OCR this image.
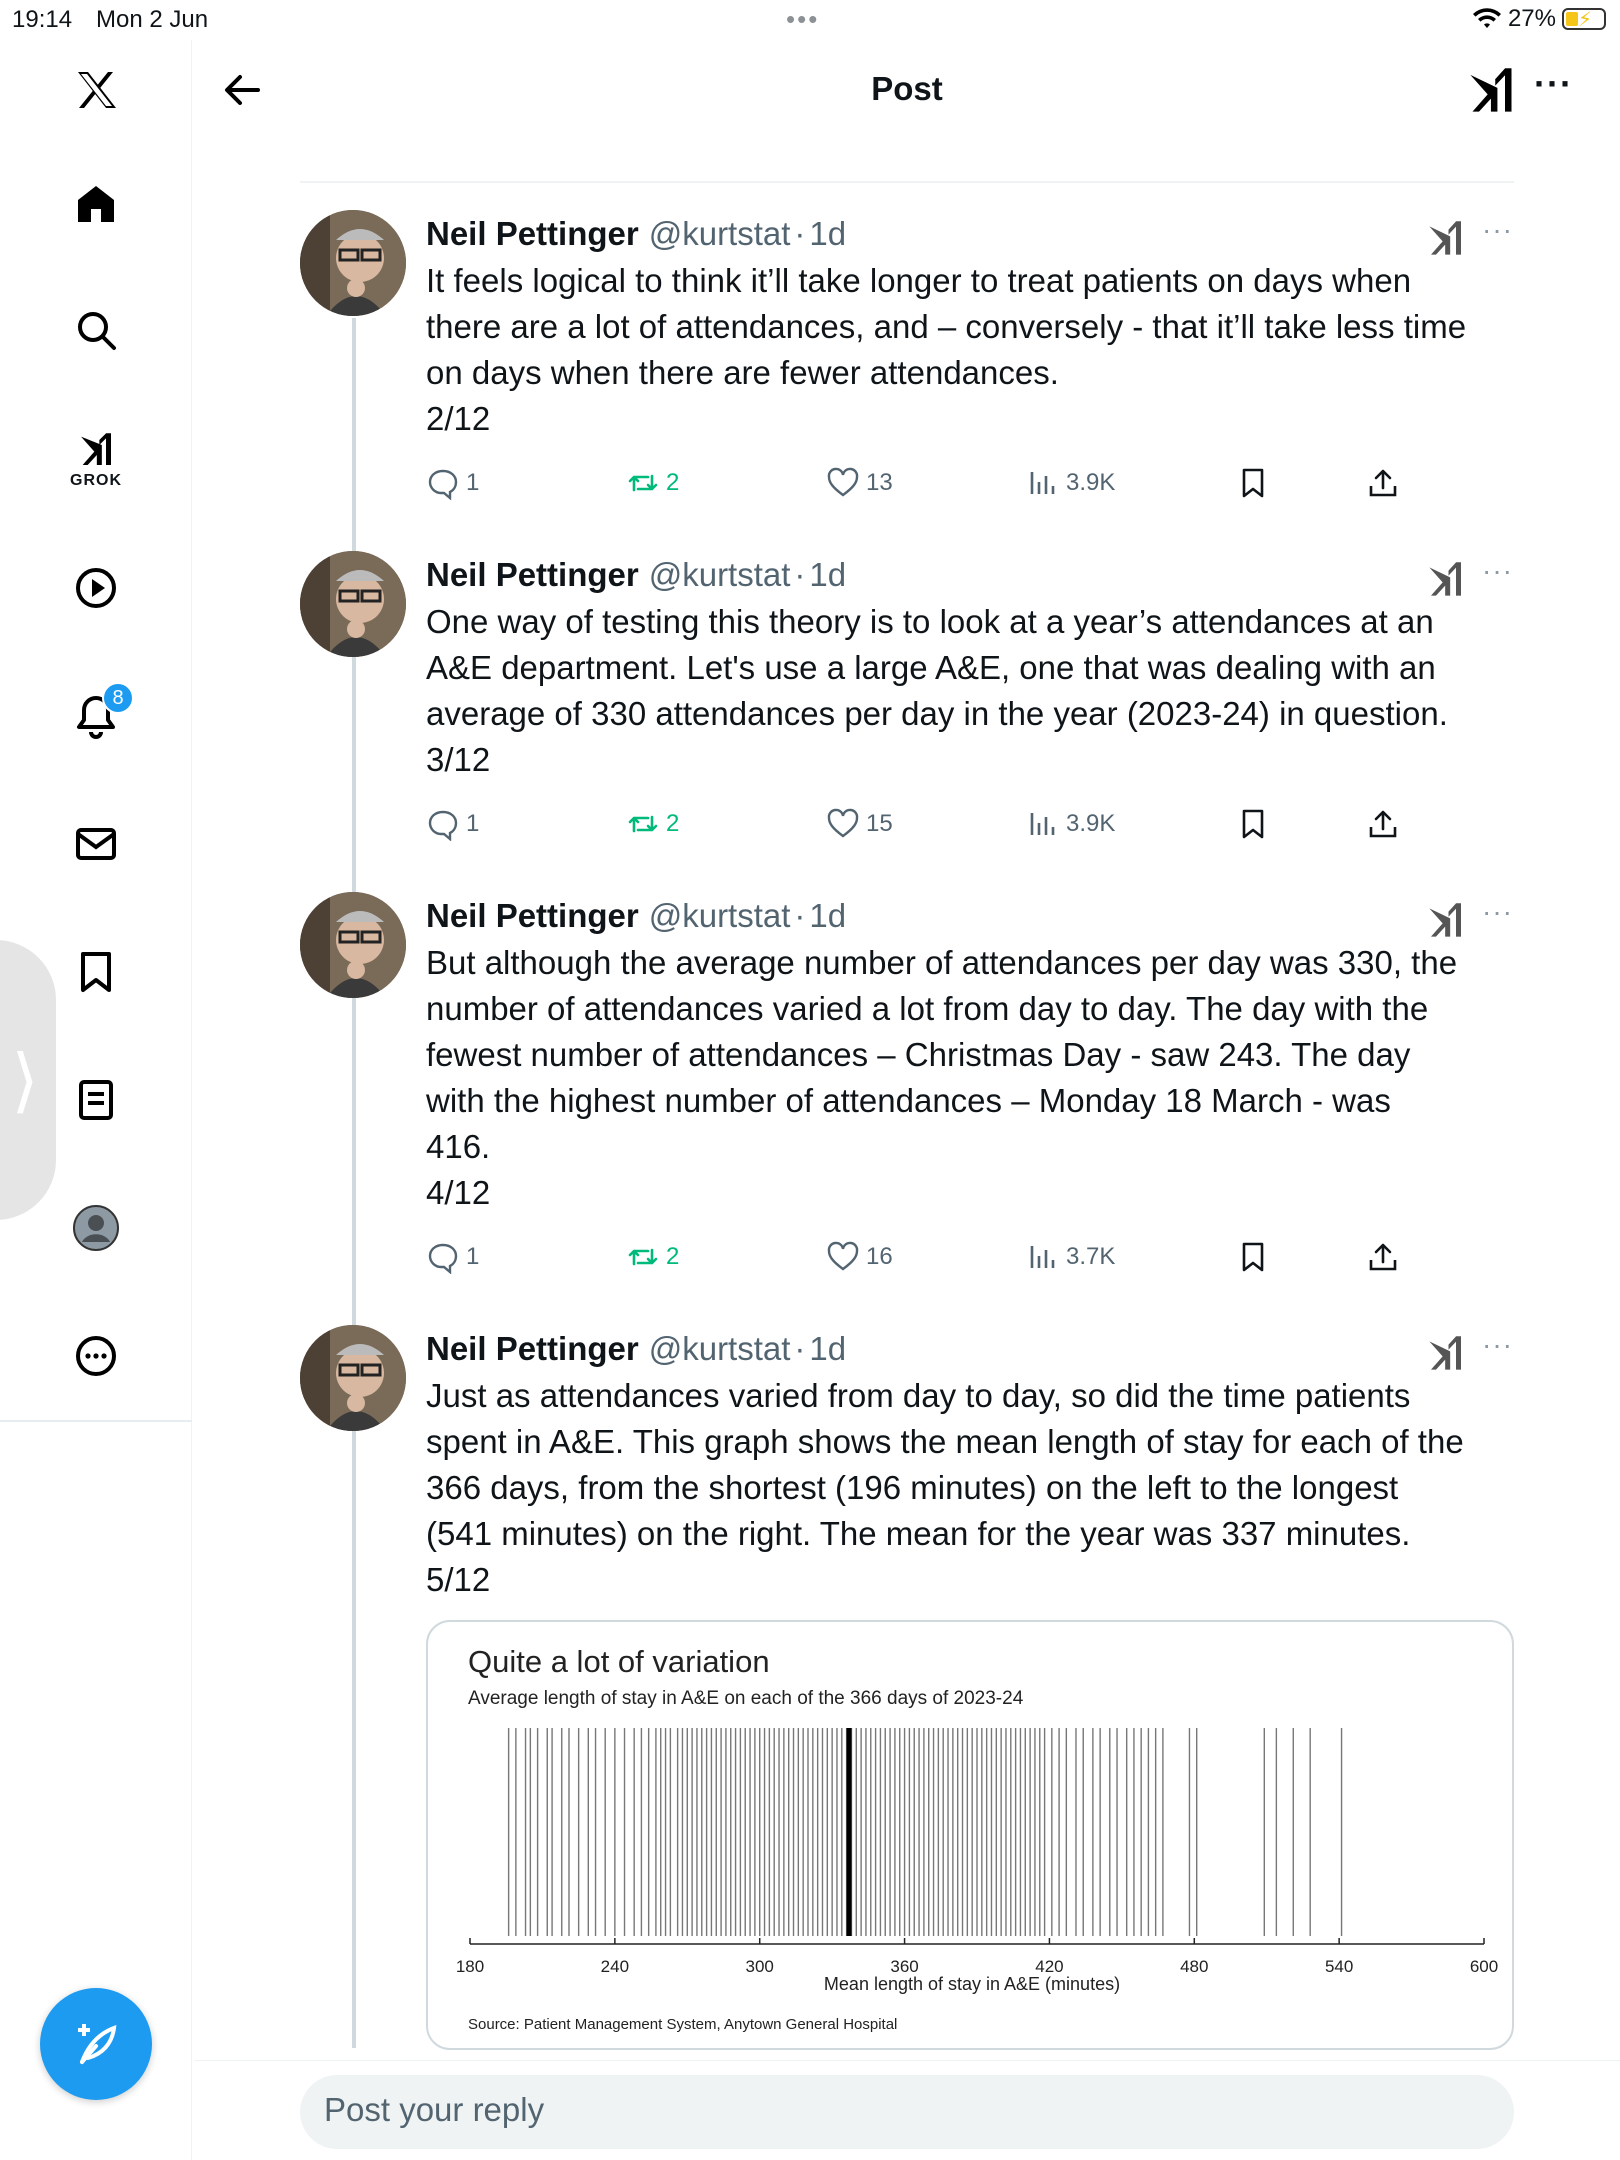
19:14 Mon 2 Jun	•••	27% ⚡
GROK
8
⟩
Post	···
Neil Pettinger @kurtstat · 1d	···
It feels logical to think it’ll take longer to treat patients on days when
there are a lot of attendances, and – conversely - that it’ll take less time
on days when there are fewer attendances.
2/12
1	2	13	3.9K
Neil Pettinger @kurtstat · 1d	···
One way of testing this theory is to look at a year’s attendances at an
A&E department. Let's use a large A&E, one that was dealing with an
average of 330 attendances per day in the year (2023-24) in question.
3/12
1	2	15	3.9K
Neil Pettinger @kurtstat · 1d	···
But although the average number of attendances per day was 330, the
number of attendances varied a lot from day to day. The day with the
fewest number of attendances – Christmas Day - saw 243. The day
with the highest number of attendances – Monday 18 March - was
416.
4/12
1	2	16	3.7K
Neil Pettinger @kurtstat · 1d	···
Just as attendances varied from day to day, so did the time patients
spent in A&E. This graph shows the mean length of stay for each of the
366 days, from the shortest (196 minutes) on the left to the longest
(541 minutes) on the right. The mean for the year was 337 minutes.
5/12
Quite a lot of variation
Average length of stay in A&E on each of the 366 days of 2023-24
180	240	300	360	420	480	540	600
Mean length of stay in A&E (minutes)
Source: Patient Management System, Anytown General Hospital
Post your reply
